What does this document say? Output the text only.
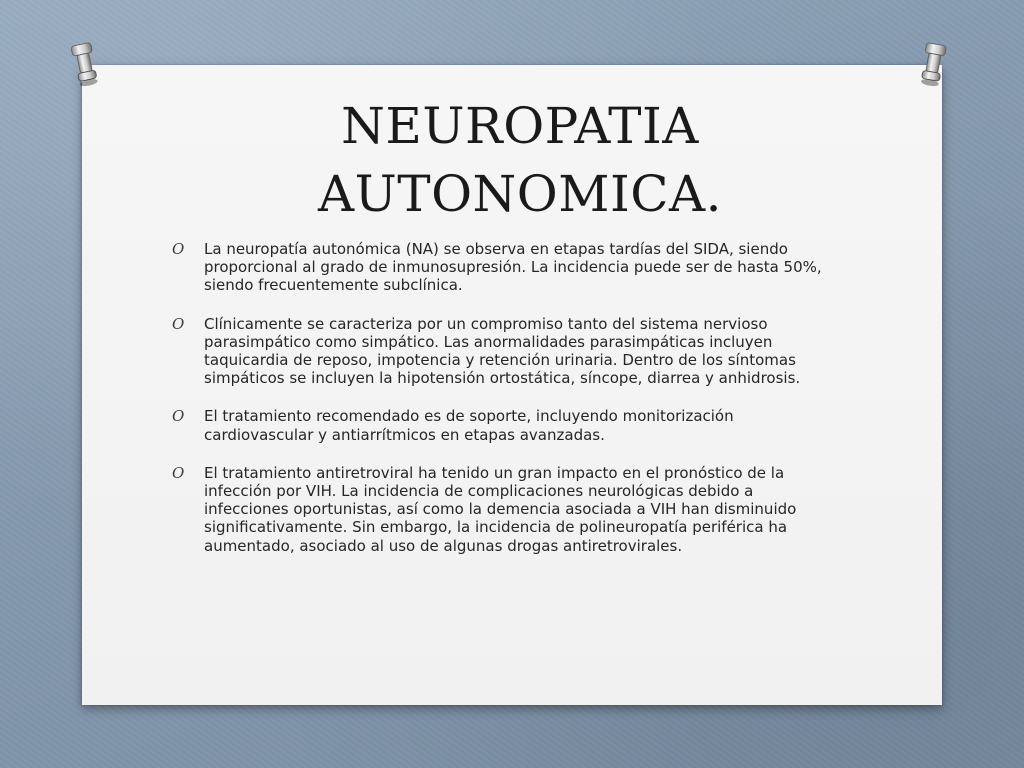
NEUROPATIA
AUTONOMICA.
O La neuropatía autonómica (NA) se observa en etapas tardías del SIDA, siendo proporcional al grado de inmunosupresión. La incidencia puede ser de hasta 50%, siendo frecuentemente subclínica.
O Clínicamente se caracteriza por un compromiso tanto del sistema nervioso parasimpático como simpático. Las anormalidades parasimpáticas incluyen taquicardia de reposo, impotencia y retención urinaria. Dentro de los síntomas simpáticos se incluyen la hipotensión ortostática, síncope, diarrea y anhidrosis.
O El tratamiento recomendado es de soporte, incluyendo monitorización cardiovascular y antiarrítmicos en etapas avanzadas.
O El tratamiento antiretroviral ha tenido un gran impacto en el pronóstico de la infección por VIH. La incidencia de complicaciones neurológicas debido a infecciones oportunistas, así como la demencia asociada a VIH han disminuido significativamente. Sin embargo, la incidencia de polineuropatía periférica ha aumentado, asociado al uso de algunas drogas antiretrovirales.
